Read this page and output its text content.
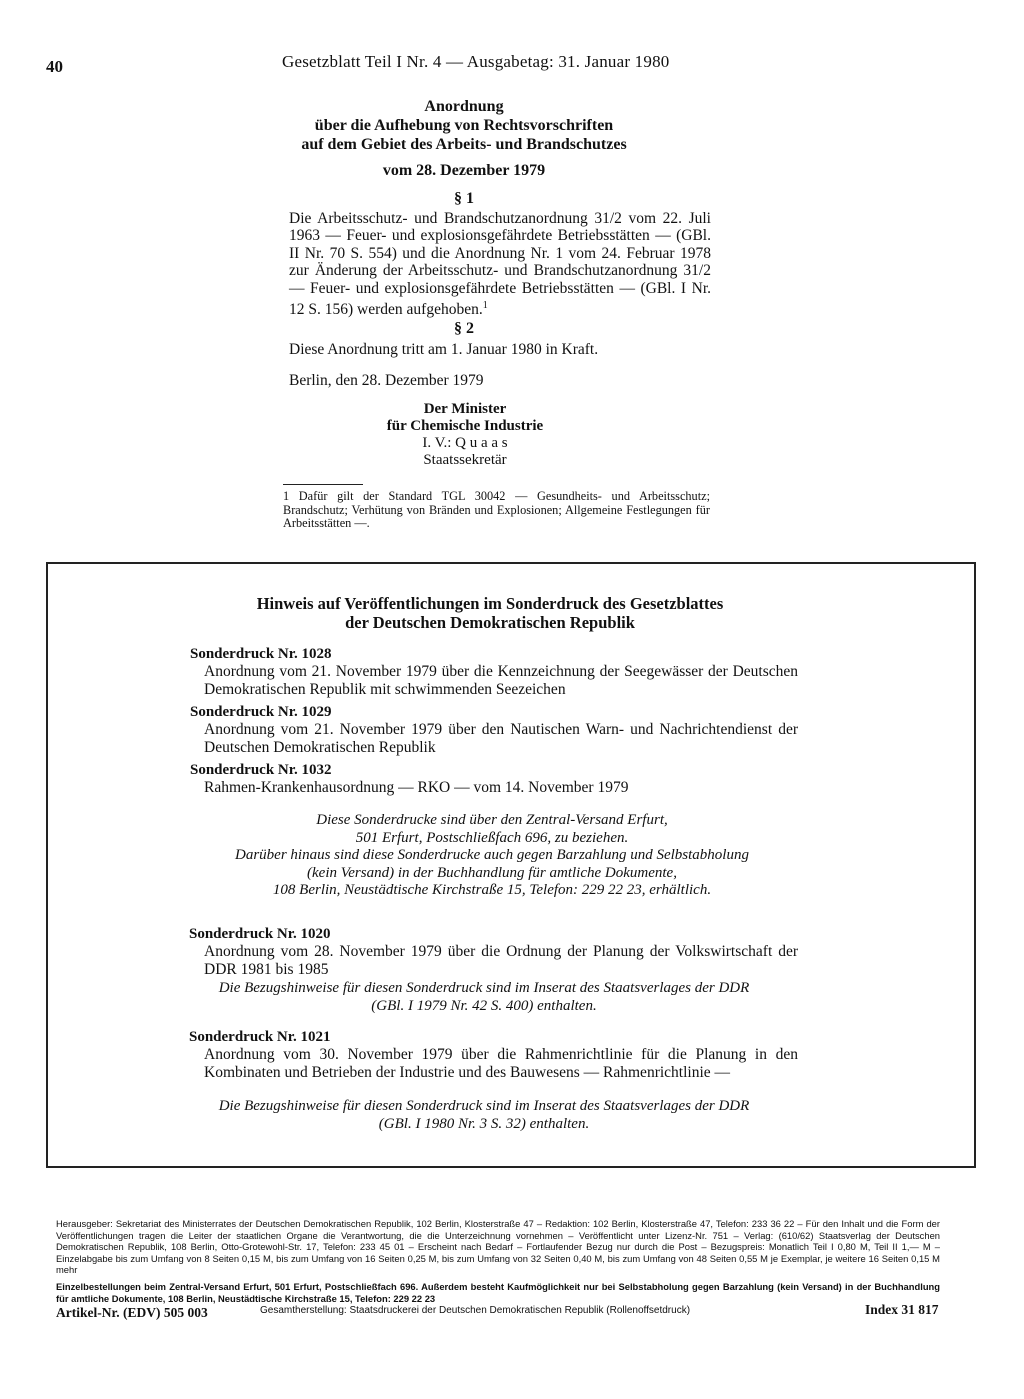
40	Gesetzblatt Teil I Nr. 4 — Ausgabetag: 31. Januar 1980
Anordnung
über die Aufhebung von Rechtsvorschriften
auf dem Gebiet des Arbeits- und Brandschutzes
vom 28. Dezember 1979
§ 1
Die Arbeitsschutz- und Brandschutzanordnung 31/2 vom 22. Juli 1963 — Feuer- und explosionsgefährdete Betriebsstätten — (GBl. II Nr. 70 S. 554) und die Anordnung Nr. 1 vom 24. Februar 1978 zur Änderung der Arbeitsschutz- und Brandschutzanordnung 31/2 — Feuer- und explosionsgefährdete Betriebsstätten — (GBl. I Nr. 12 S. 156) werden aufgehoben.$^1$
§ 2
Diese Anordnung tritt am 1. Januar 1980 in Kraft.
Berlin, den 28. Dezember 1979
Der Minister
für Chemische Industrie
I. V.: Q u a a s
Staatssekretär
1 Dafür gilt der Standard TGL 30042 — Gesundheits- und Arbeitsschutz; Brandschutz; Verhütung von Bränden und Explosionen; Allgemeine Festlegungen für Arbeitsstätten —.
Hinweis auf Veröffentlichungen im Sonderdruck des Gesetzblattes
der Deutschen Demokratischen Republik
Sonderdruck Nr. 1028
Anordnung vom 21. November 1979 über die Kennzeichnung der Seegewässer der Deutschen Demokratischen Republik mit schwimmenden Seezeichen
Sonderdruck Nr. 1029
Anordnung vom 21. November 1979 über den Nautischen Warn- und Nachrichtendienst der Deutschen Demokratischen Republik
Sonderdruck Nr. 1032
Rahmen-Krankenhausordnung — RKO — vom 14. November 1979
Diese Sonderdrucke sind über den Zentral-Versand Erfurt,
501 Erfurt, Postschließfach 696, zu beziehen.
Darüber hinaus sind diese Sonderdrucke auch gegen Barzahlung und Selbstabholung
(kein Versand) in der Buchhandlung für amtliche Dokumente,
108 Berlin, Neustädtische Kirchstraße 15, Telefon: 229 22 23, erhältlich.
Sonderdruck Nr. 1020
Anordnung vom 28. November 1979 über die Ordnung der Planung der Volkswirtschaft der DDR 1981 bis 1985
Die Bezugshinweise für diesen Sonderdruck sind im Inserat des Staatsverlages der DDR
(GBl. I 1979 Nr. 42 S. 400) enthalten.
Sonderdruck Nr. 1021
Anordnung vom 30. November 1979 über die Rahmenrichtlinie für die Planung in den Kombinaten und Betrieben der Industrie und des Bauwesens — Rahmenrichtlinie —
Die Bezugshinweise für diesen Sonderdruck sind im Inserat des Staatsverlages der DDR
(GBl. I 1980 Nr. 3 S. 32) enthalten.
Herausgeber: Sekretariat des Ministerrates der Deutschen Demokratischen Republik, 102 Berlin, Klosterstraße 47 – Redaktion: 102 Berlin, Klosterstraße 47, Telefon: 233 36 22 – Für den Inhalt und die Form der Veröffentlichungen tragen die Leiter der staatlichen Organe die Verantwortung, die die Unterzeichnung vornehmen – Veröffentlicht unter Lizenz-Nr. 751 – Verlag: (610/62) Staatsverlag der Deutschen Demokratischen Republik, 108 Berlin, Otto-Grotewohl-Str. 17, Telefon: 233 45 01 – Erscheint nach Bedarf – Fortlaufender Bezug nur durch die Post – Bezugspreis: Monatlich Teil I 0,80 M, Teil II 1,— M – Einzelabgabe bis zum Umfang von 8 Seiten 0,15 M, bis zum Umfang von 16 Seiten 0,25 M, bis zum Umfang von 32 Seiten 0,40 M, bis zum Umfang von 48 Seiten 0,55 M je Exemplar, je weitere 16 Seiten 0,15 M mehr
Einzelbestellungen beim Zentral-Versand Erfurt, 501 Erfurt, Postschließfach 696. Außerdem besteht Kaufmöglichkeit nur bei Selbstabholung gegen Barzahlung (kein Versand) in der Buchhandlung für amtliche Dokumente, 108 Berlin, Neustädtische Kirchstraße 15, Telefon: 229 22 23
Artikel-Nr. (EDV) 505 003	Gesamtherstellung: Staatsdruckerei der Deutschen Demokratischen Republik (Rollenoffsetdruck)	Index 31 817
